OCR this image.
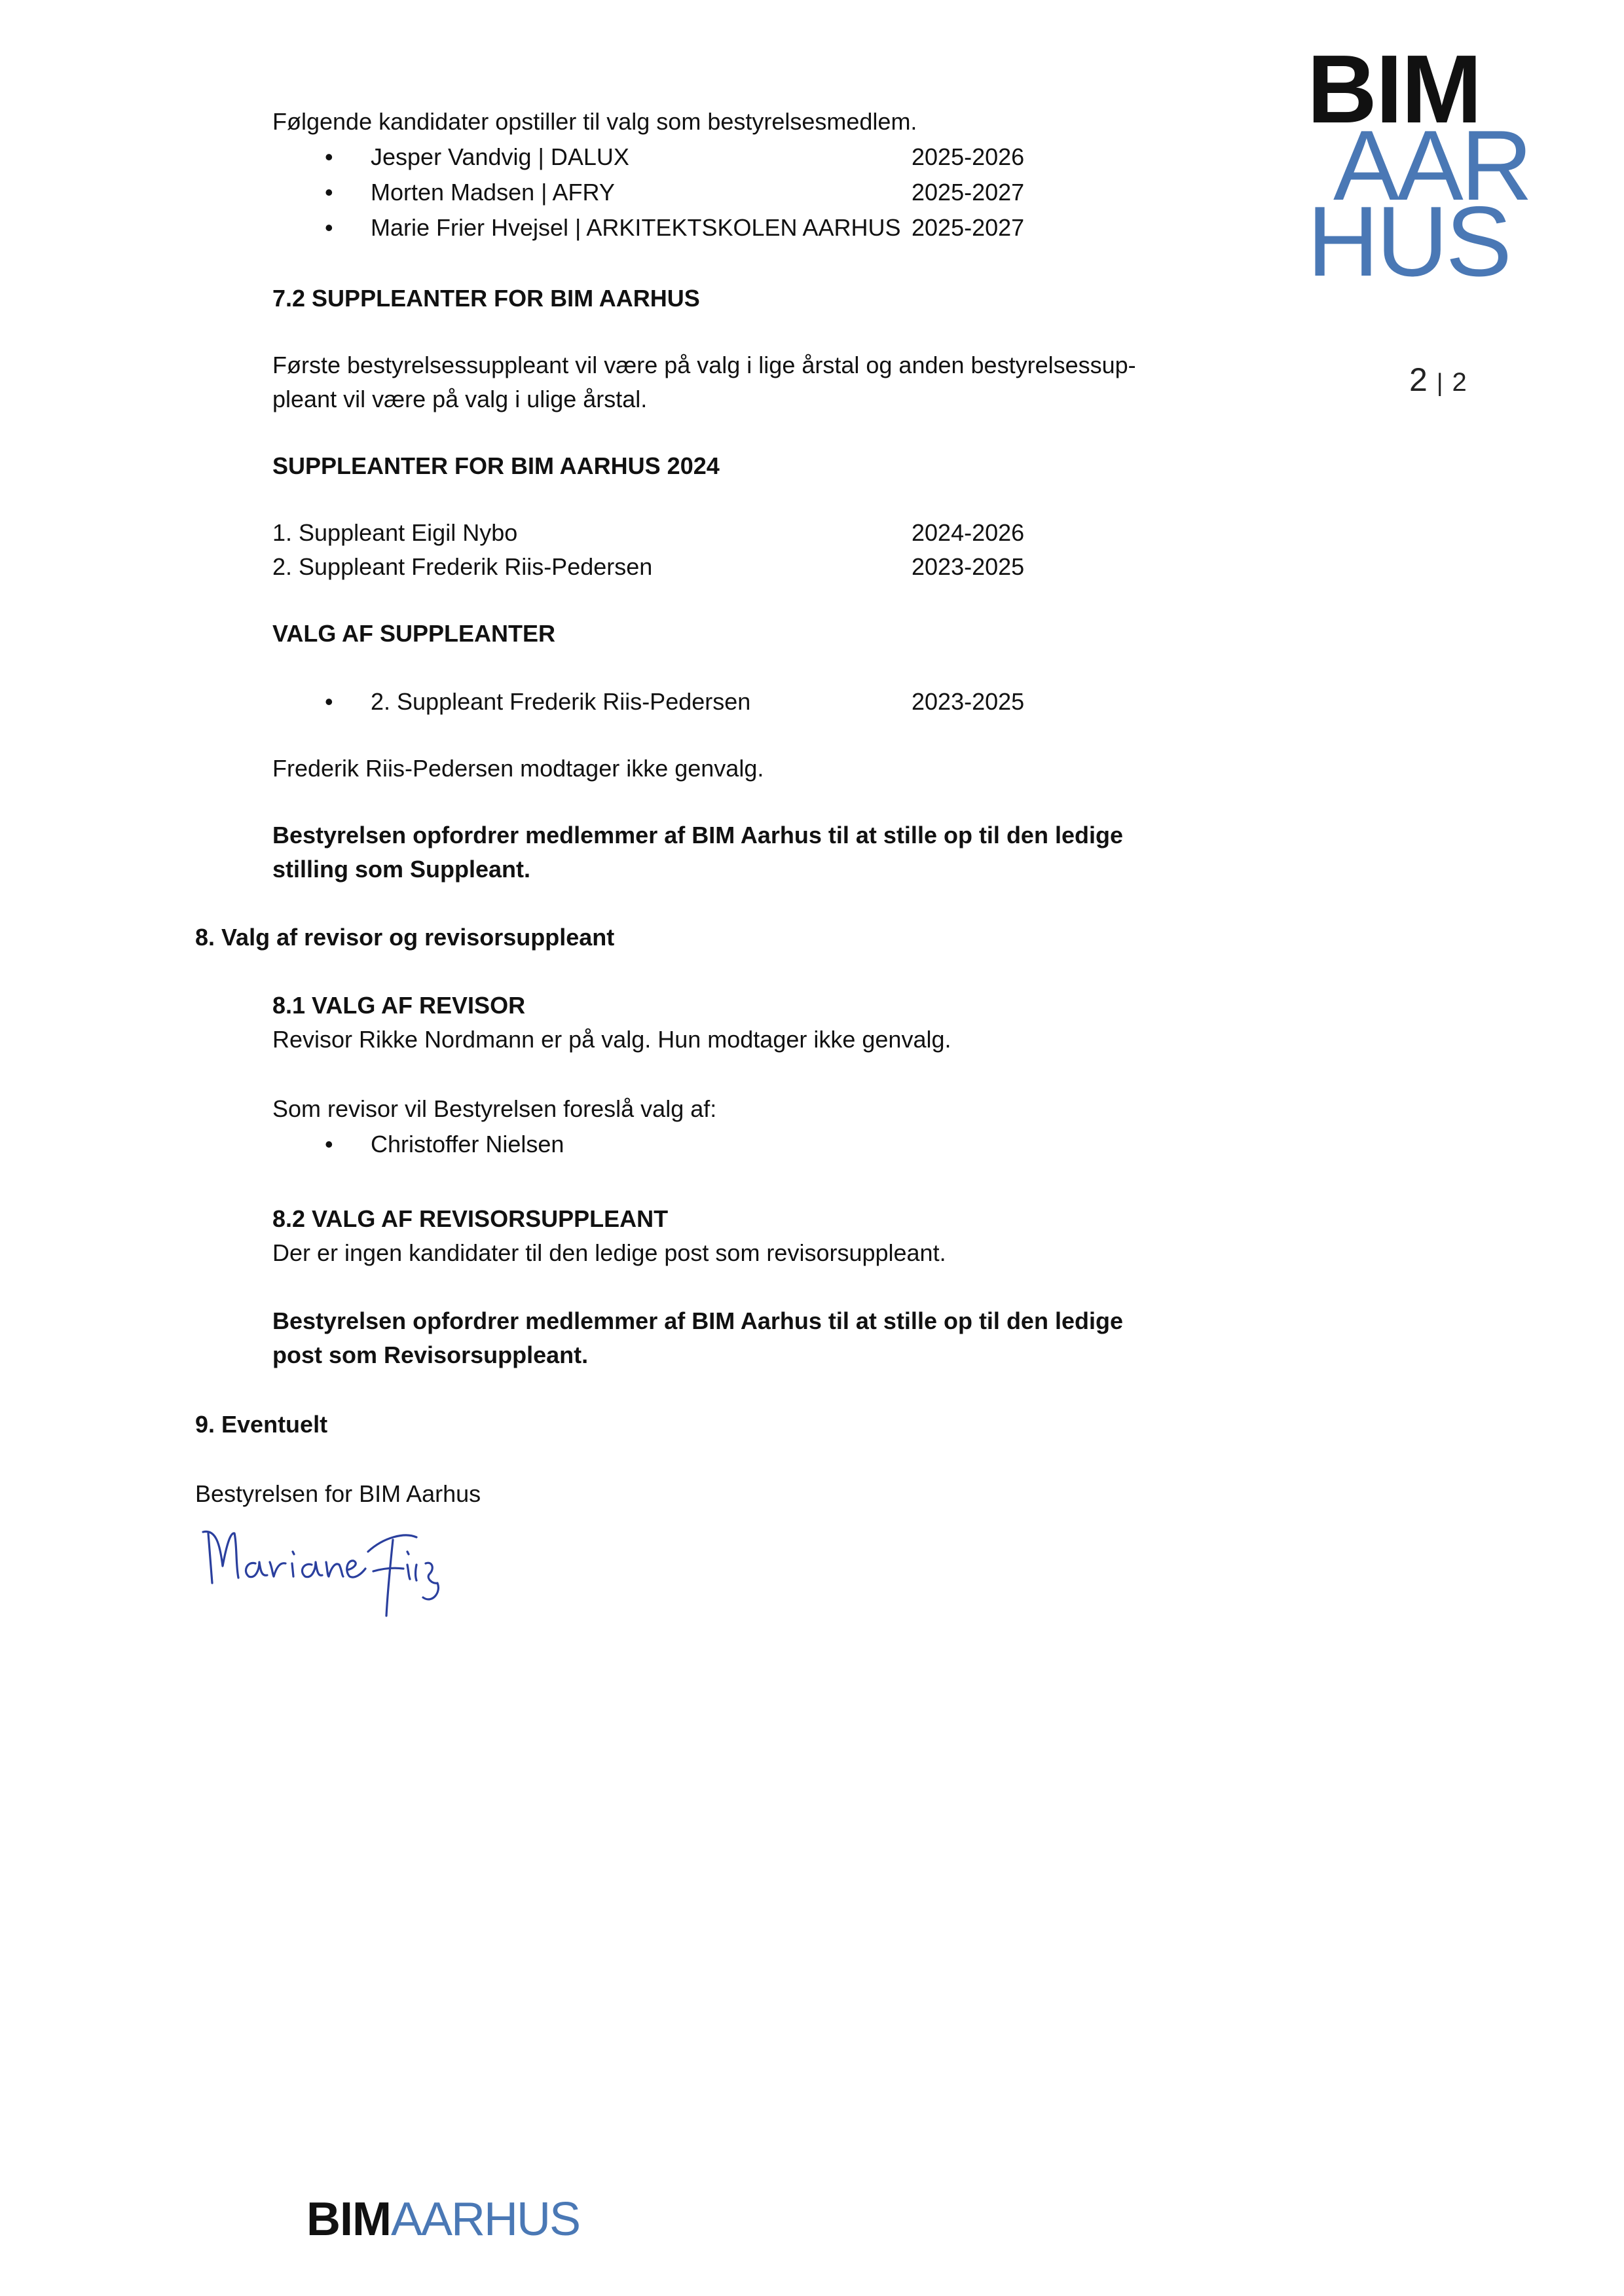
BIM
AAR
HUS
2 | 2
Følgende kandidater opstiller til valg som bestyrelsesmedlem.
• Jesper Vandvig | DALUX	2025-2026
• Morten Madsen | AFRY	2025-2027
• Marie Frier Hvejsel | ARKITEKTSKOLEN AARHUS 2025-2027
7.2 SUPPLEANTER FOR BIM AARHUS
Første bestyrelsessuppleant vil være på valg i lige årstal og anden bestyrelsessup-
pleant vil være på valg i ulige årstal.
SUPPLEANTER FOR BIM AARHUS 2024
1. Suppleant Eigil Nybo	2024-2026
2. Suppleant Frederik Riis-Pedersen	2023-2025
VALG AF SUPPLEANTER
• 2. Suppleant Frederik Riis-Pedersen	2023-2025
Frederik Riis-Pedersen modtager ikke genvalg.
Bestyrelsen opfordrer medlemmer af BIM Aarhus til at stille op til den ledige
stilling som Suppleant.
8. Valg af revisor og revisorsuppleant
8.1 VALG AF REVISOR
Revisor Rikke Nordmann er på valg. Hun modtager ikke genvalg.
Som revisor vil Bestyrelsen foreslå valg af:
• Christoffer Nielsen
8.2 VALG AF REVISORSUPPLEANT
Der er ingen kandidater til den ledige post som revisorsuppleant.
Bestyrelsen opfordrer medlemmer af BIM Aarhus til at stille op til den ledige
post som Revisorsuppleant.
9. Eventuelt
Bestyrelsen for BIM Aarhus
BIMAARHUS
